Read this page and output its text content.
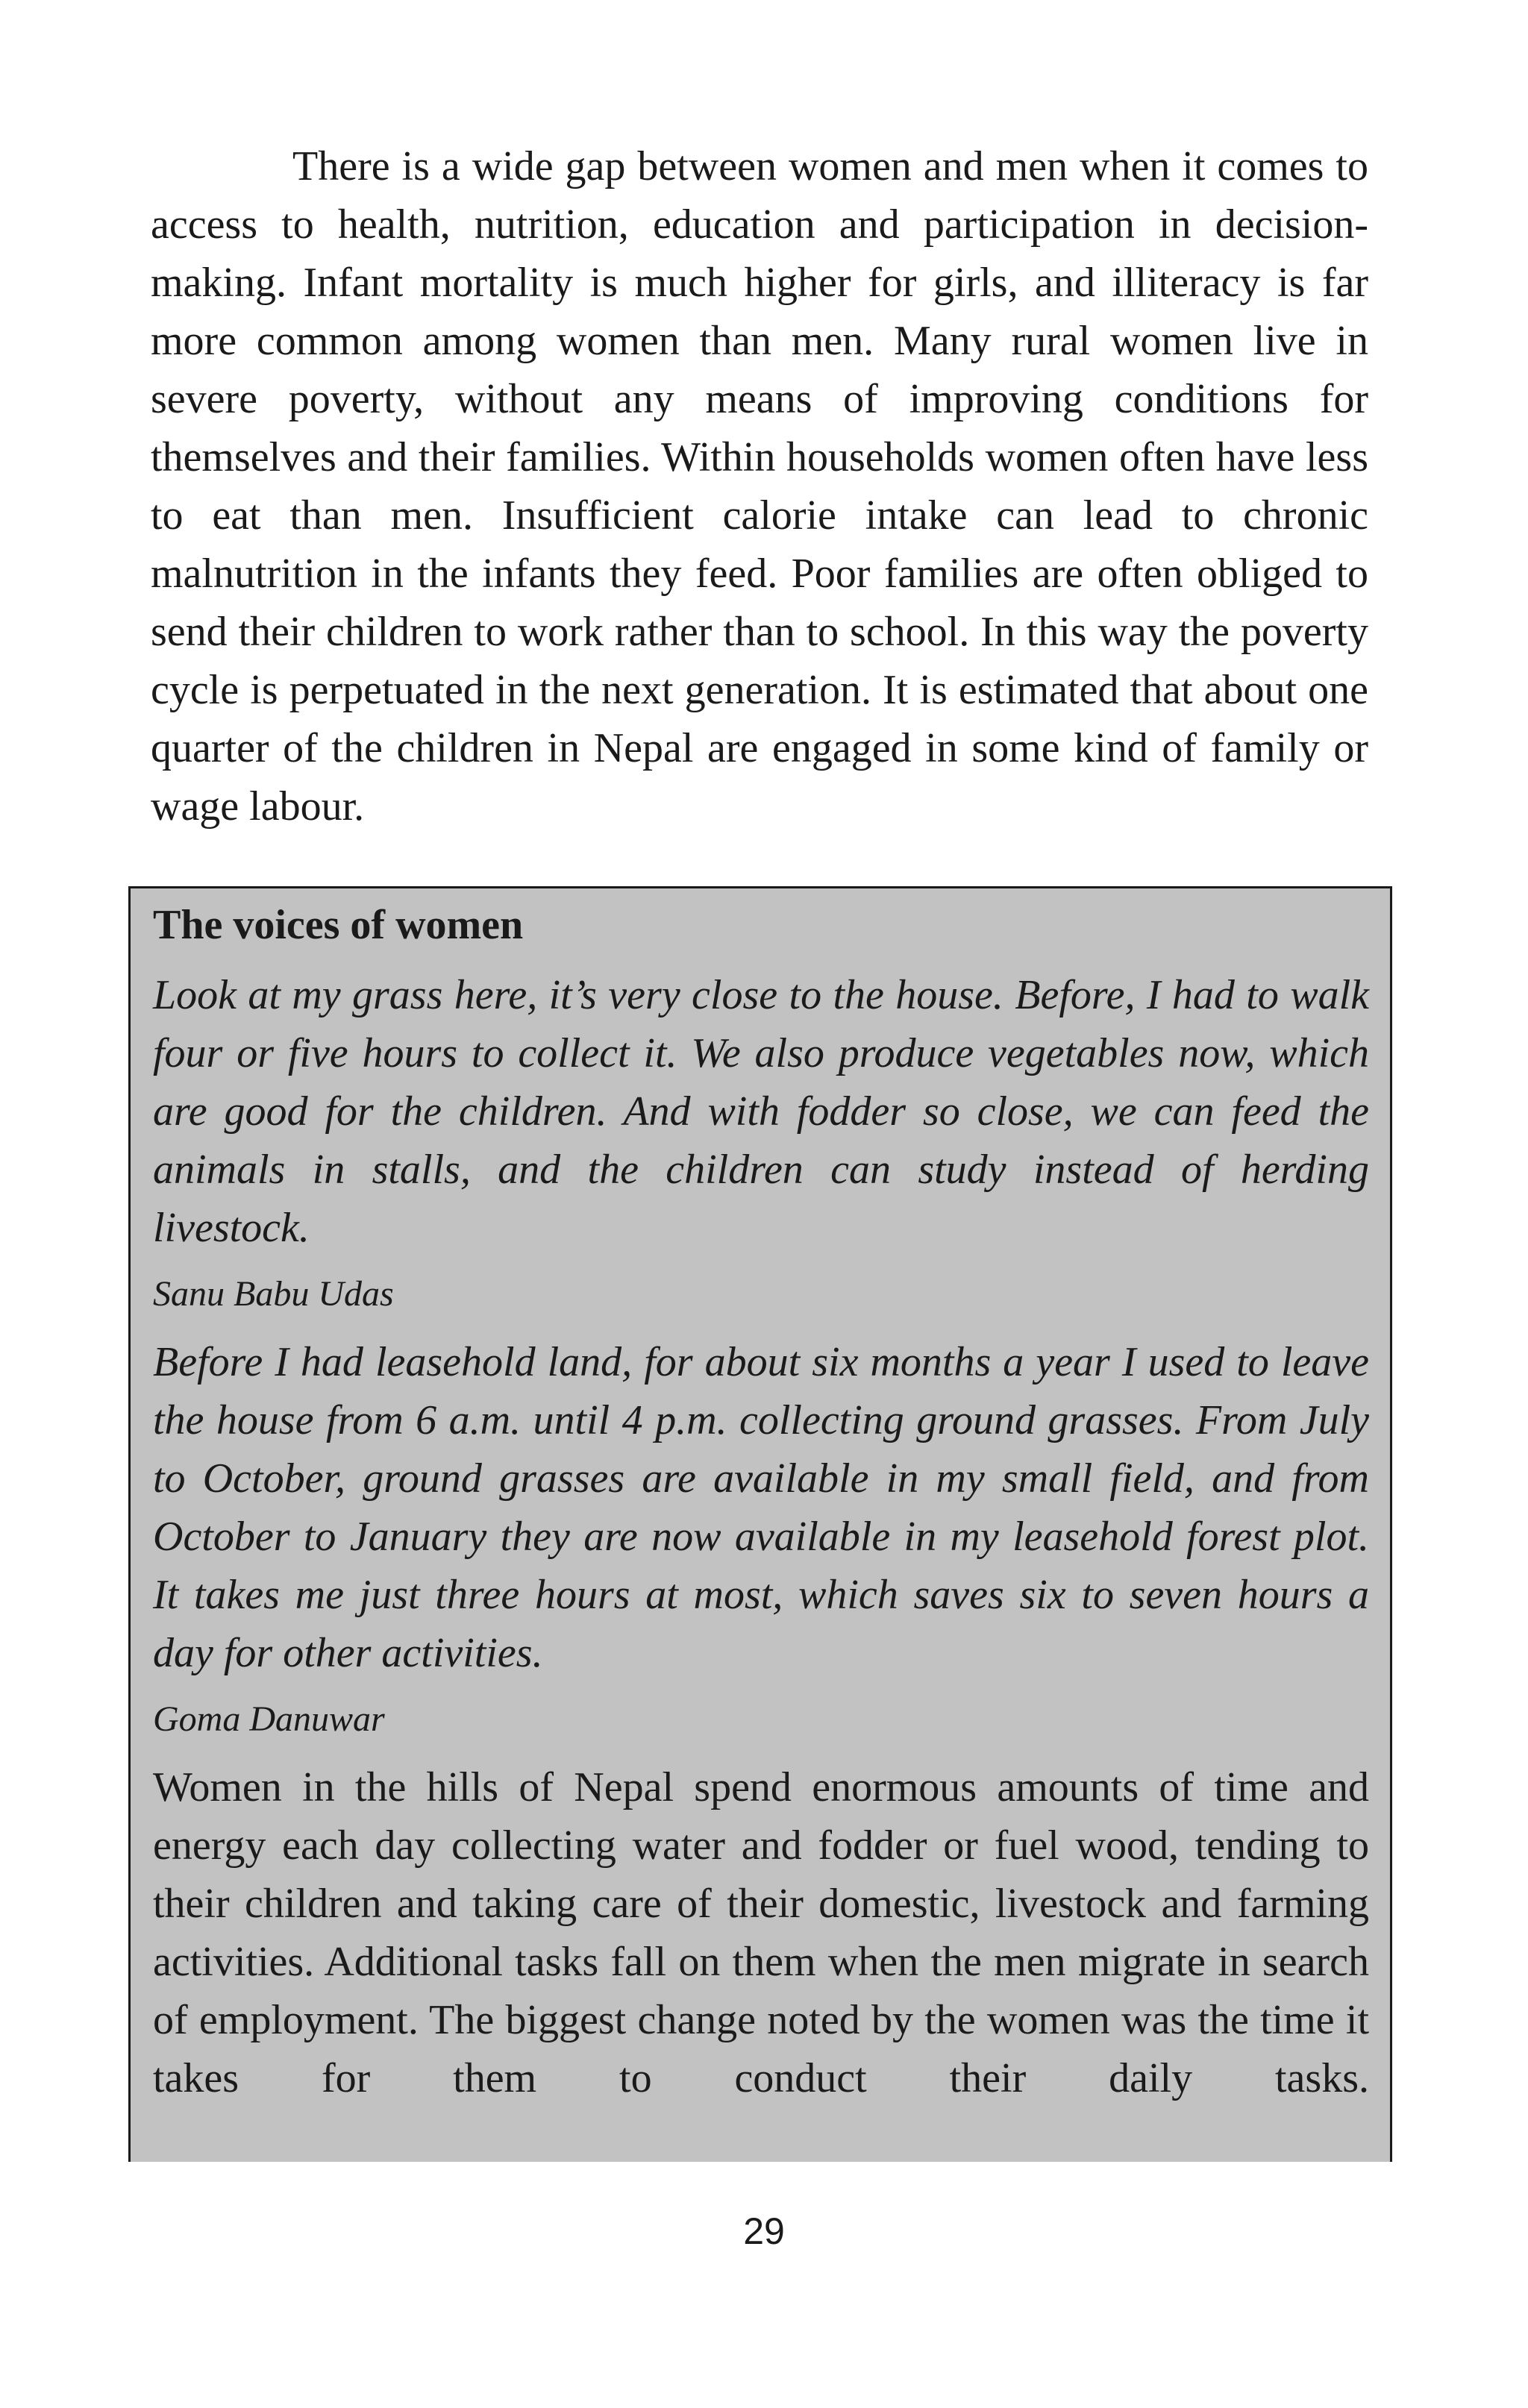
There is a wide gap between women and men when it comes to access to health, nutrition, education and participation in decision-making. Infant mortality is much higher for girls, and illiteracy is far more common among women than men. Many rural women live in severe poverty, without any means of improving conditions for themselves and their families. Within households women often have less to eat than men. Insufficient calorie intake can lead to chronic malnutrition in the infants they feed. Poor families are often obliged to send their children to work rather than to school. In this way the poverty cycle is perpetuated in the next generation. It is estimated that about one quarter of the children in Nepal are engaged in some kind of family or wage labour.

The voices of women

Look at my grass here, it’s very close to the house. Before, I had to walk four or five hours to collect it. We also produce vegetables now, which are good for the children. And with fodder so close, we can feed the animals in stalls, and the children can study instead of herding livestock.

Sanu Babu Udas

Before I had leasehold land, for about six months a year I used to leave the house from 6 a.m. until 4 p.m. collecting ground grasses. From July to October, ground grasses are available in my small field, and from October to January they are now available in my leasehold forest plot. It takes me just three hours at most, which saves six to seven hours a day for other activities.

Goma Danuwar

Women in the hills of Nepal spend enormous amounts of time and energy each day collecting water and fodder or fuel wood, tending to their children and taking care of their domestic, livestock and farming activities. Additional tasks fall on them when the men migrate in search of employment. The biggest change noted by the women was the time it takes for them to conduct their daily tasks.

29
